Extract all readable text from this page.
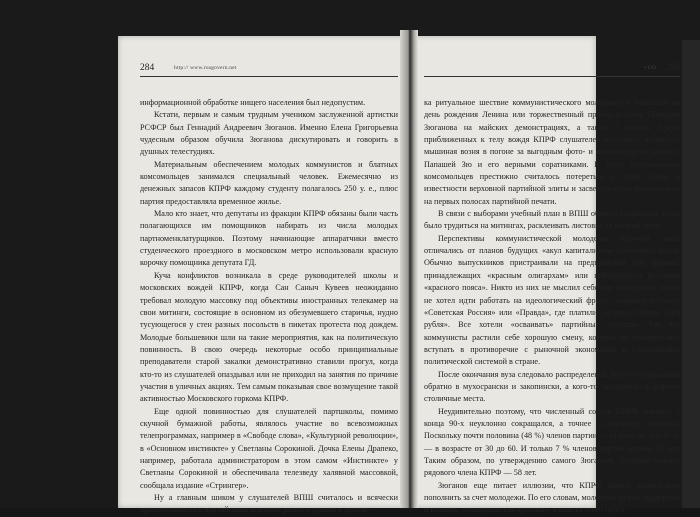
284	http:// www.rusgovern.net

информационной обработке нищего населения был недопустим.

Кстати, первым и самым трудным учеником заслуженной артистки РСФСР был Геннадий Андреевич Зюганов. Именно Елена Григорьевна чудесным образом обучила Зюганова дискутировать и говорить в душных телестудиях.

Материальным обеспечением молодых коммунистов и блатных комсомольцев занимался специальный человек. Ежемесячно из денежных запасов КПРФ каждому студенту полагалось 250 у. е., плюс партия предоставляла временное жилье.

Мало кто знает, что депутаты из фракции КПРФ обязаны были часть полагающихся им помощников набирать из числа молодых партноменклатурщиков. Поэтому начинающие аппаратчики вместо студенческого проездного в московском метро использовали красную корочку помощника депутата ГД.

Куча конфликтов возникала в среде руководителей школы и московских вождей КПРФ, когда Сан Саныч Кувеев неожиданно требовал молодую массовку под объективы иностранных телекамер на свои митинги, состоящие в основном из обезумевшего старичья, нудно тусующегося у стен разных посольств в пикетах протеста под дождем. Молодые большевики шли на такие мероприятия, как на политическую повинность. В свою очередь некоторые особо принципиальные преподаватели старой закалки демонстративно ставили прогул, когда кто-то из слушателей опаздывал или не приходил на занятия по причине участия в уличных акциях. Тем самым показывая свое возмущение такой активностью Московского горкома КПРФ.

Еще одной повинностью для слушателей партшколы, помимо скучной бумажной работы, являлось участие во всевозможных телепрограммах, например в «Свободе слова», «Культурной революции», в «Основном инстинкте» у Светланы Сорокиной. Дочка Елены Драпеко, например, работала администратором в этом самом «Инстинкте» у Светланы Сорокиной и обеспечивала телезведу халявной массовкой, сообщала издание «Стрингер».

Ну а главным шиком у слушателей ВПШ считалось и всячески приветствовалось партийными вождями разного уровня и достат-

• GO 285

ка ритуальное шествие коммунистического молодняка к мавзолею на день рождения Ленина или торжественный проход в свите Геннадия Зюганова на майских демонстрациях, а также 7 ноября. Среди приближенных к телу вождя КПРФ слушателей постоянно возникала мышиная возня в погоне за выгодным фото- и видеоракурсом рядом с Папашей Зю и его верными соратниками. В среде региональных комсомольцев престижно считалось потереться в лучах славы и известности верховной партийной элиты и засветить свою физиономию на первых полосах партийной печати.

В связи с выборами учебный план в ВПШ обычно сокращали. Надо было трудиться на митингах, расклеивать листовки за мелкий прайс.

Перспективы коммунистической молодежи, впрочем, мало отличались от планов будущих «акул капитализма» столичных вузов. Обычно выпускников пристраивали на предприятиях или фирмах, принадлежащих «красным олигархам» или губернаторам регионов «красного пояса». Никто из них не мыслил себя вне коммерции, никто не хотел идти работать на идеологический фронт, например в газету «Советская Россия» или «Правда», где платили, условно говоря, «три рубля». Все хотели «осваивать» партийные средства. Так что коммунисты растили себе хорошую смену, которая не намеревалась вступать в противоречие с рыночной экономикой и сложившейся политической системой в стране.

После окончания вуза следовало распределение. Кого-то отправляли обратно в мухосрански и закопински, а кого-то засовывали в жирные столичные места.

Неудивительно поэтому, что численный состав КПРФ, начиная с конца 90-х неуклонно сокращался, а точнее — попросту вымирал. Поскольку почти половина (48 %) членов партии — старше 60 лет, 43 % — в возрасте от 30 до 60. И только 7 % членов партии моложе 30 лет. Таким образом, по утверждению самого Зюганова, средний возраст рядового члена КПРФ — 58 лет.

Зюганов еще питает иллюзии, что КПРФ можно значительно пополнить за счет молодежи. По его словам, молодежи нужна поддержка и помощь, «товарищеская критика», а вместо этого перед-
